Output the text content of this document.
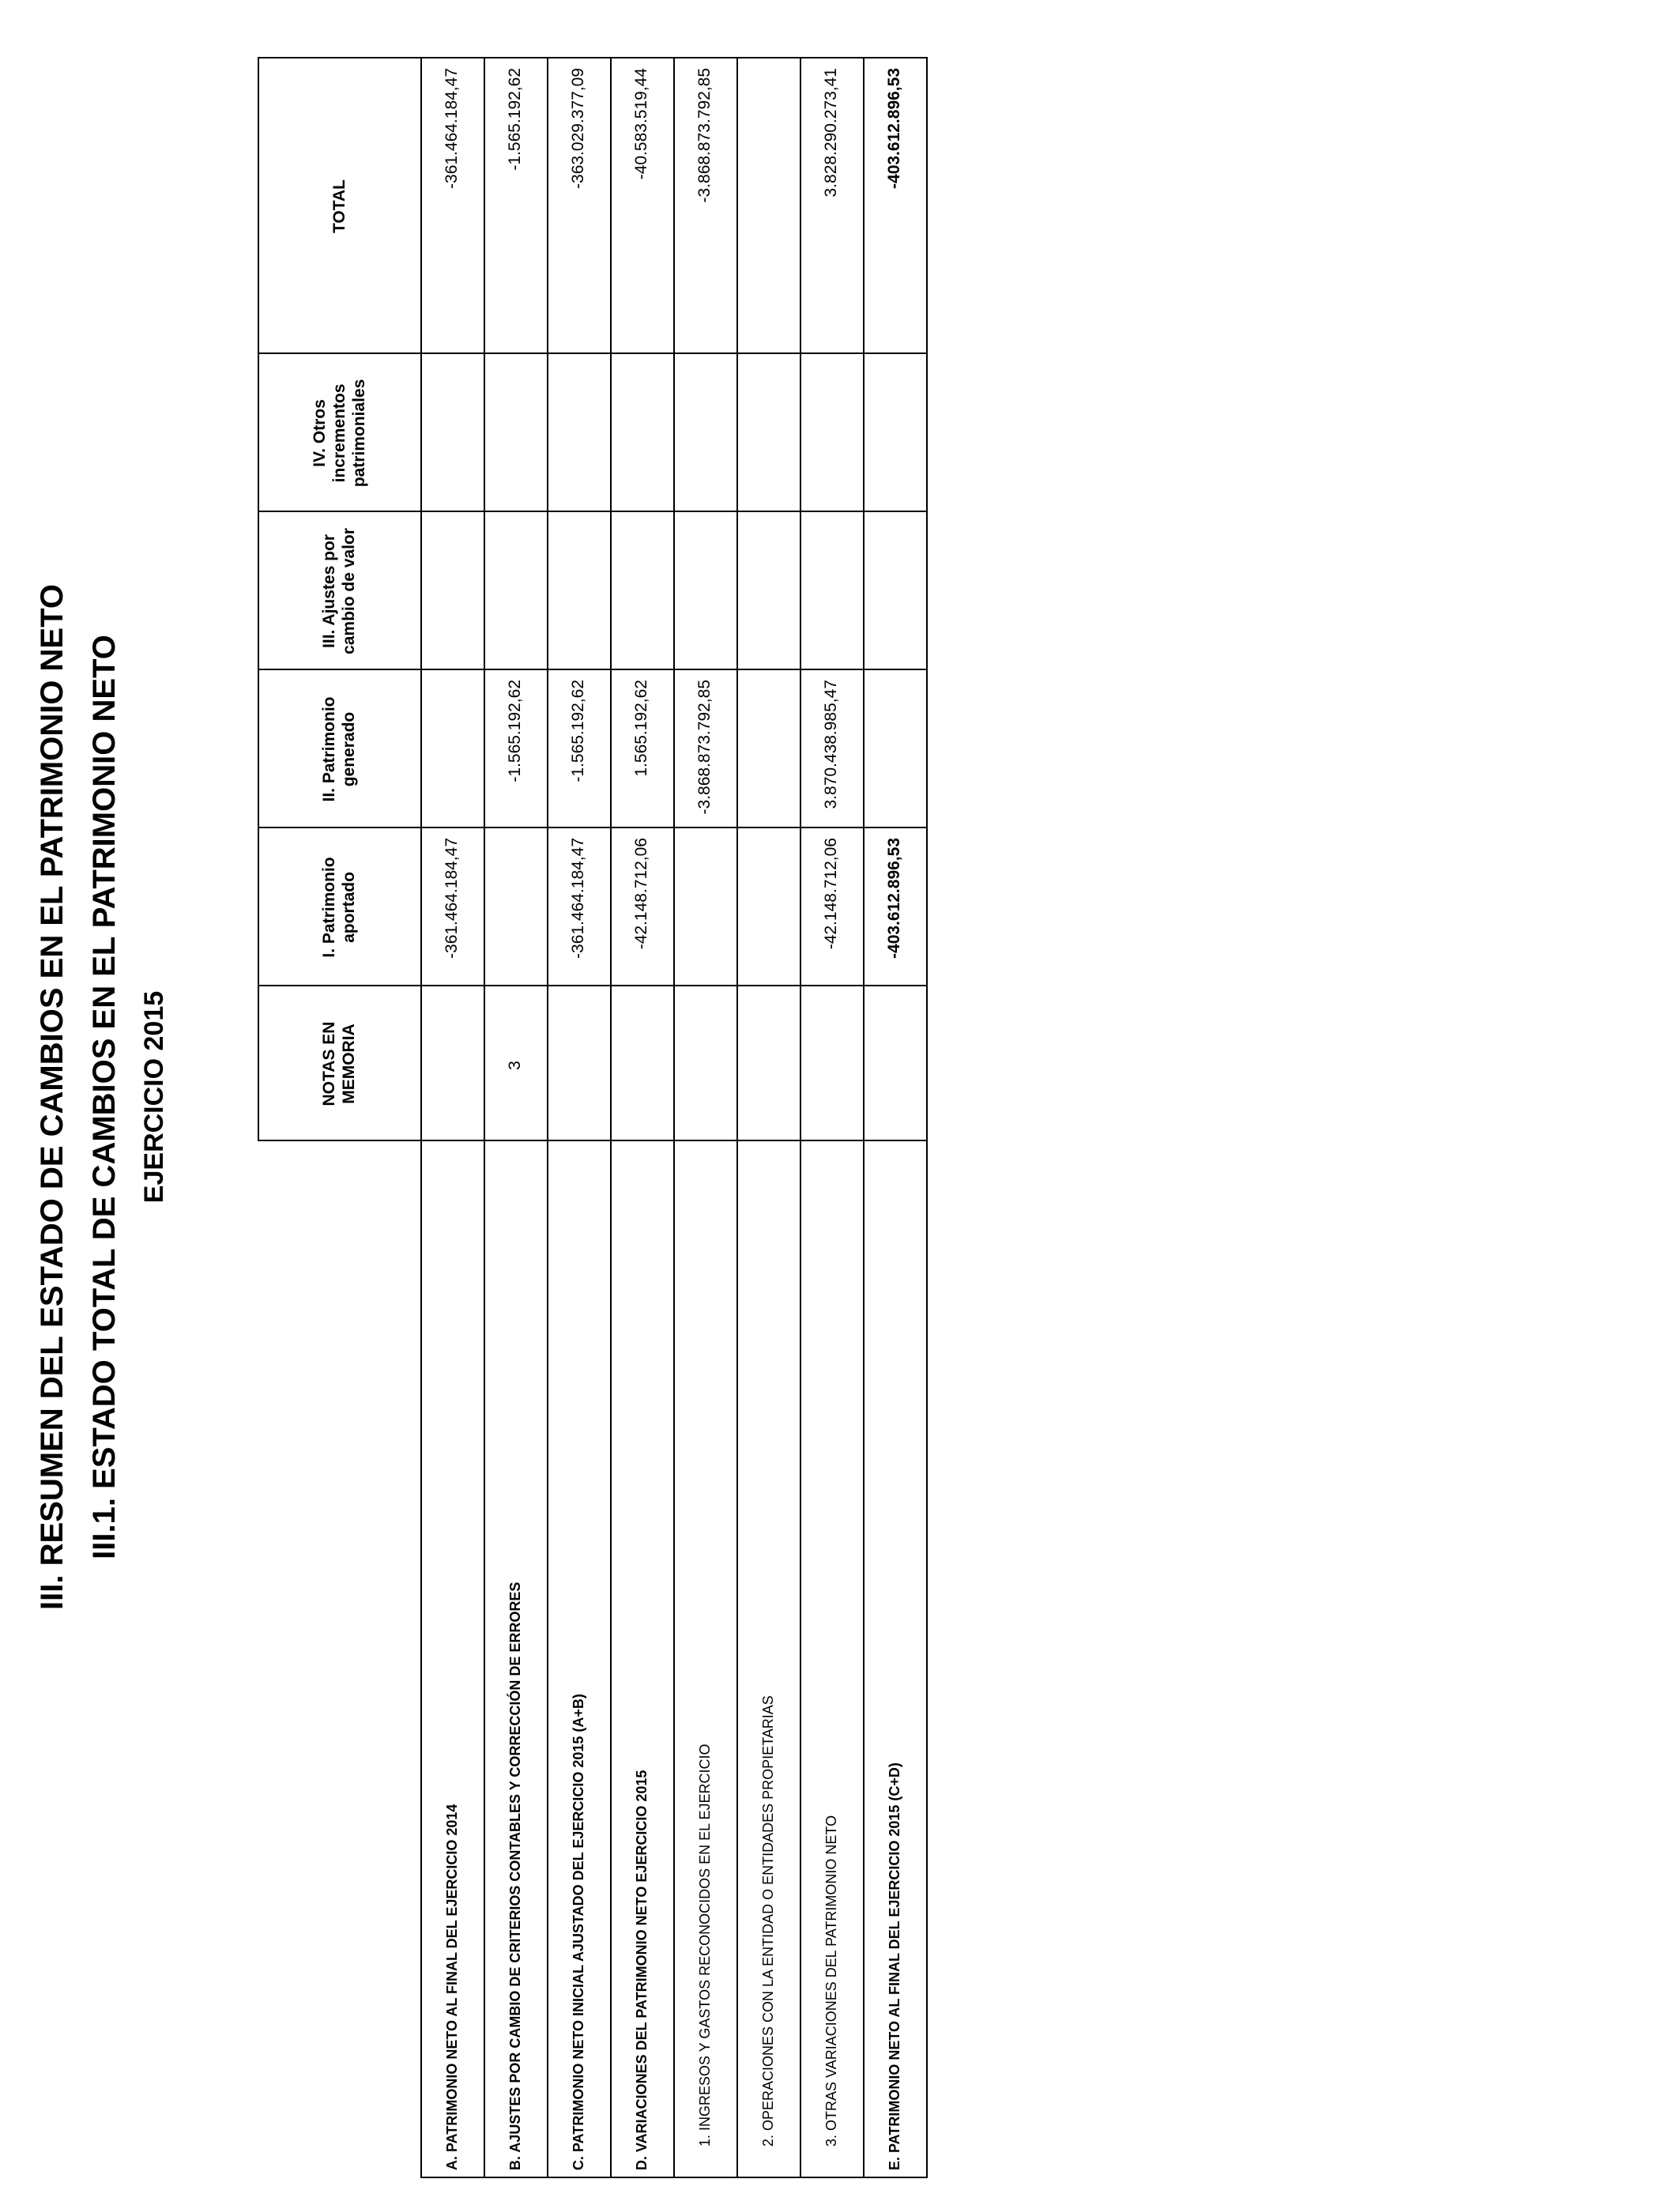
III. RESUMEN DEL ESTADO DE CAMBIOS EN EL PATRIMONIO NETO III.1. ESTADO TOTAL DE CAMBIOS EN EL PATRIMONIO NETO EJERCICIO 2015	NOTAS EN
MEMORIA
I. Patrimonio
aportado
II. Patrimonio
generado
III. Ajustes por
cambio de valor
IV. Otros
incrementos
patrimoniales
TOTAL
A. PATRIMONIO NETO AL FINAL DEL EJERCICIO 2014
-361.464.184,47
-361.464.184,47
B. AJUSTES POR CAMBIO DE CRITERIOS CONTABLES Y CORRECCIÓN DE ERRORES
3
-1.565.192,62
-1.565.192,62
C. PATRIMONIO NETO INICIAL AJUSTADO DEL EJERCICIO 2015 (A+B)
-361.464.184,47
-1.565.192,62
-363.029.377,09
D. VARIACIONES DEL PATRIMONIO NETO EJERCICIO 2015
-42.148.712,06
1.565.192,62
-40.583.519,44
1. INGRESOS Y GASTOS RECONOCIDOS EN EL EJERCICIO
-3.868.873.792,85
-3.868.873.792,85
2. OPERACIONES CON LA ENTIDAD O ENTIDADES PROPIETARIAS	3. OTRAS VARIACIONES DEL PATRIMONIO NETO
-42.148.712,06
3.870.438.985,47
3.828.290.273,41
E. PATRIMONIO NETO AL FINAL DEL EJERCICIO 2015 (C+D)
-403.612.896,53
-403.612.896,53
